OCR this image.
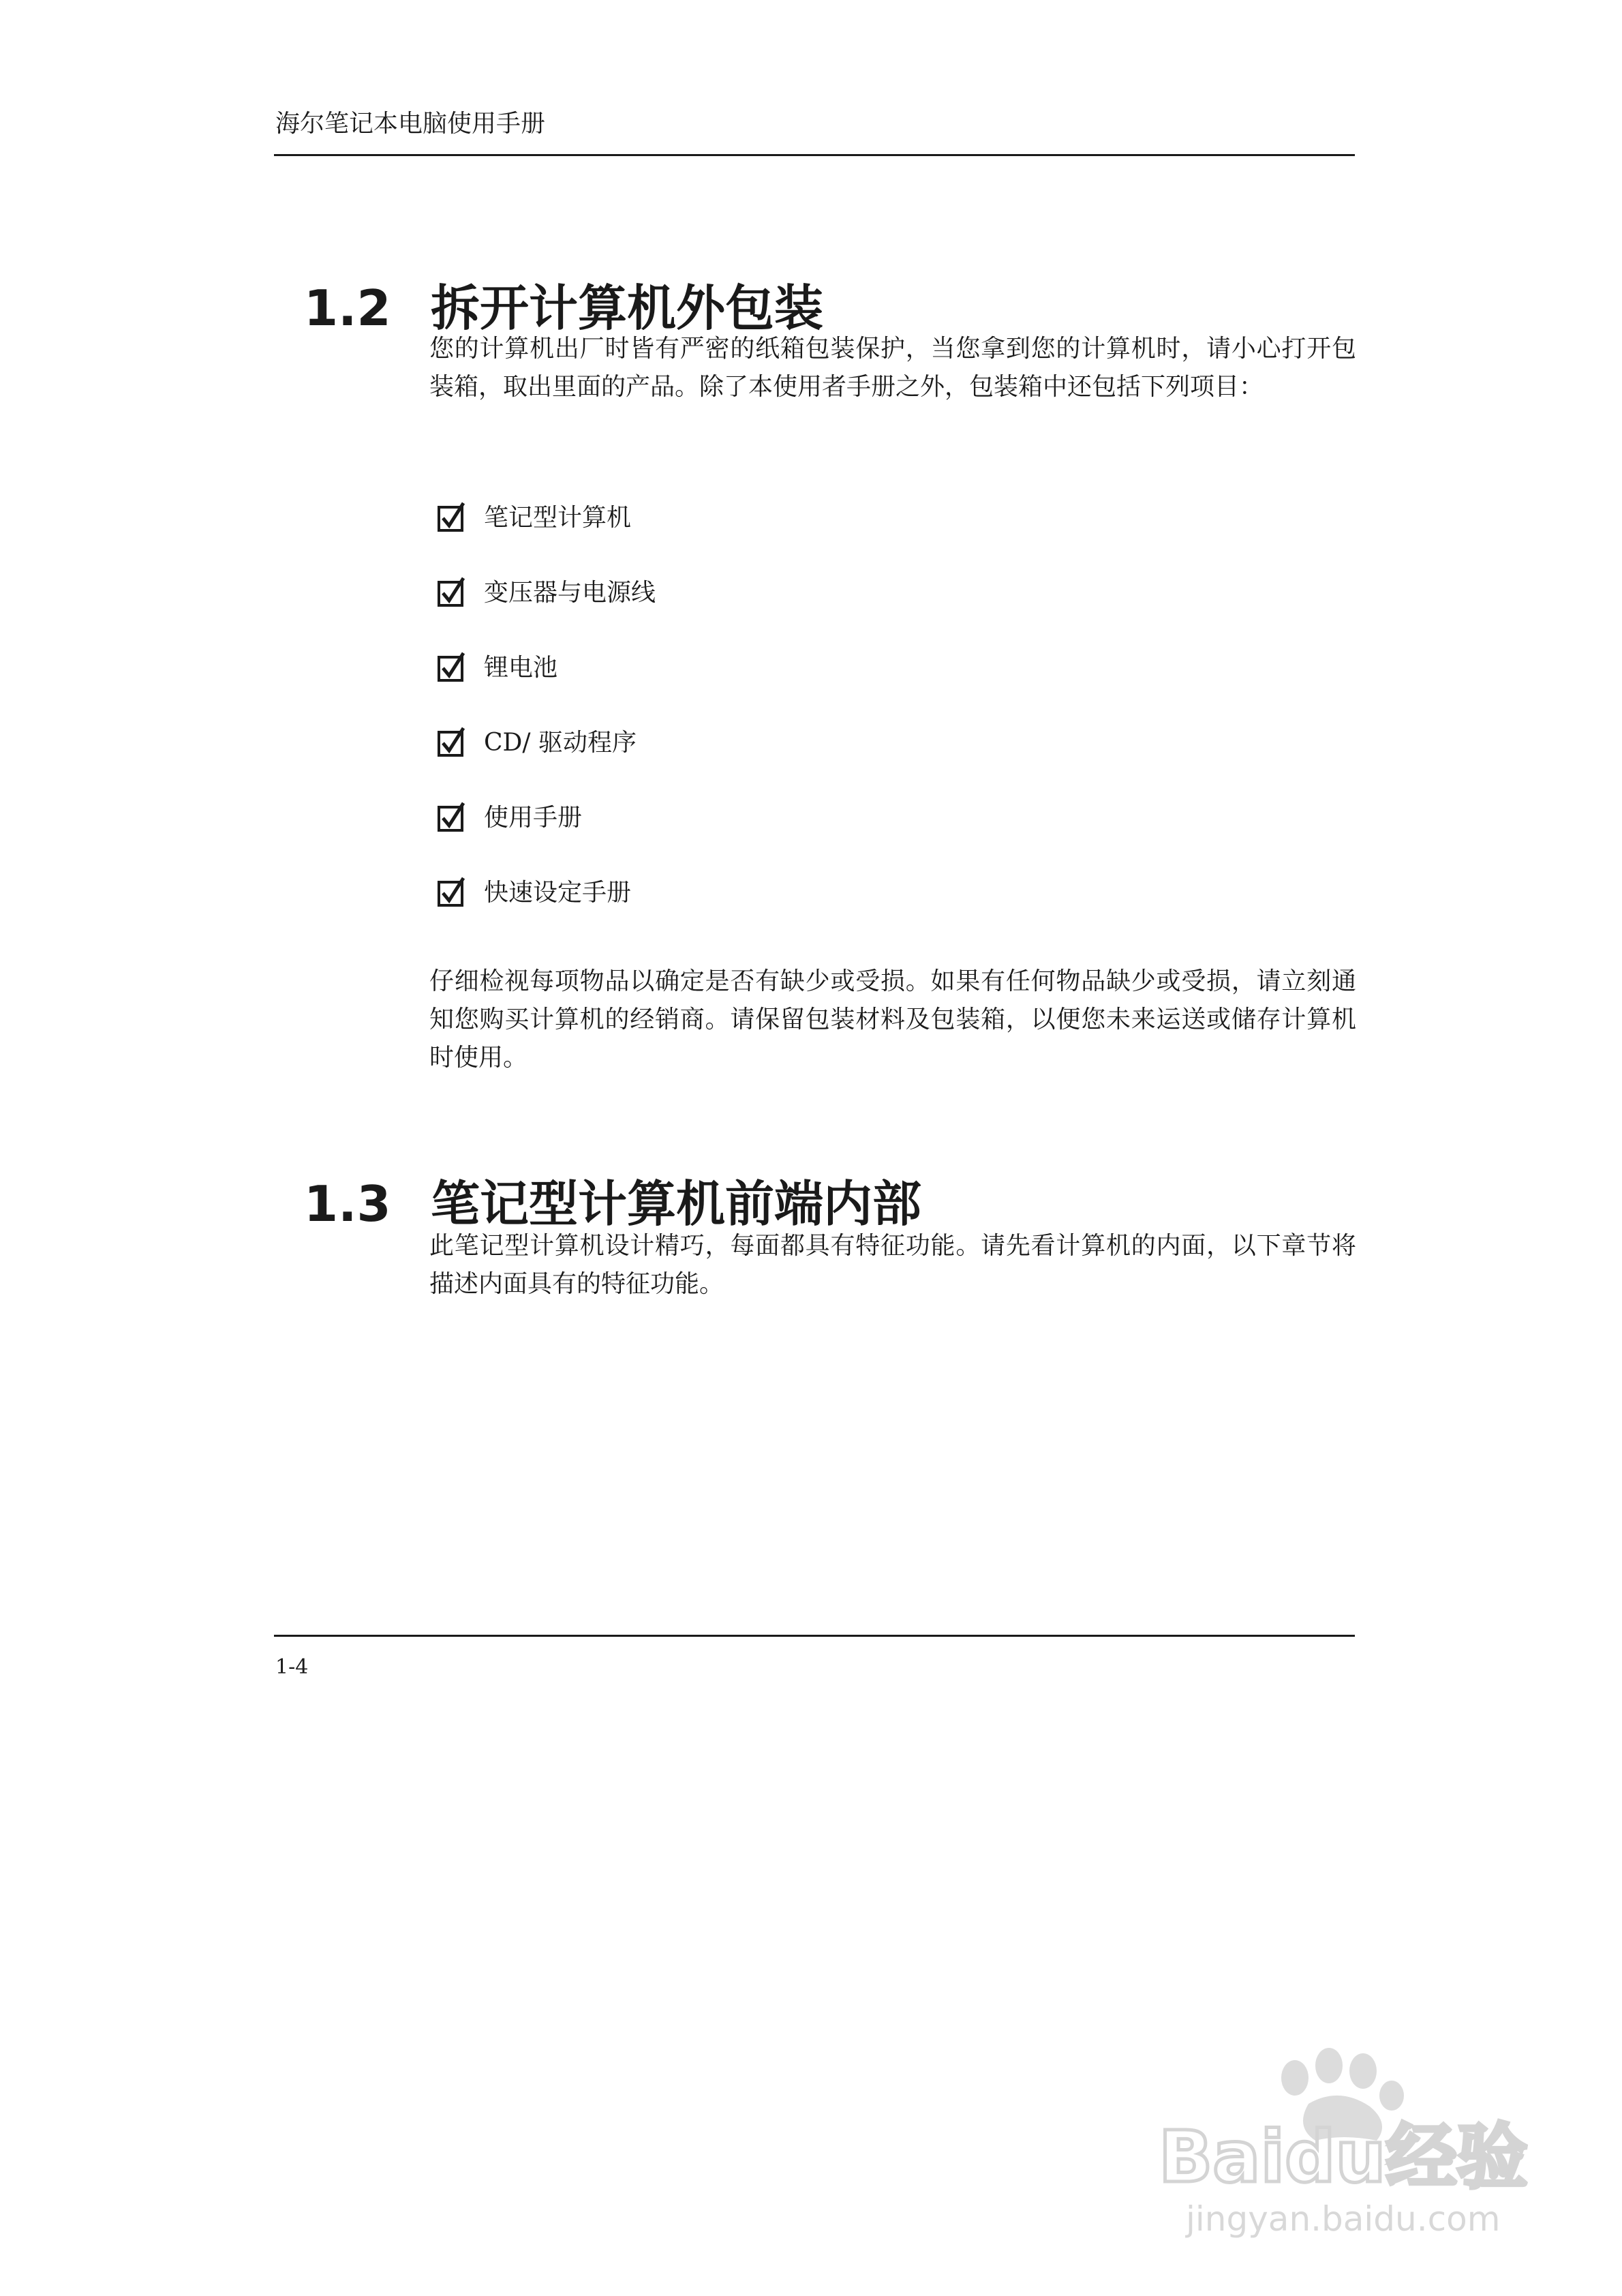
海尔笔记本电脑使用手册
1.2 拆开计算机外包装

您的计算机出厂时皆有严密的纸箱包装保护，当您拿到您的计算机时，请小心打开包装箱，取出里面的产品。除了本使用者手册之外，包装箱中还包括下列项目：

笔记型计算机
变压器与电源线
锂电池
CD/ 驱动程序
使用手册
快速设定手册

仔细检视每项物品以确定是否有缺少或受损。如果有任何物品缺少或受损，请立刻通知您购买计算机的经销商。请保留包装材料及包装箱，以便您未来运送或储存计算机时使用。

1.3 笔记型计算机前端内部

此笔记型计算机设计精巧，每面都具有特征功能。请先看计算机的内面，以下章节将描述内面具有的特征功能。

1-4
Baidu经验
jingyan.baidu.com
